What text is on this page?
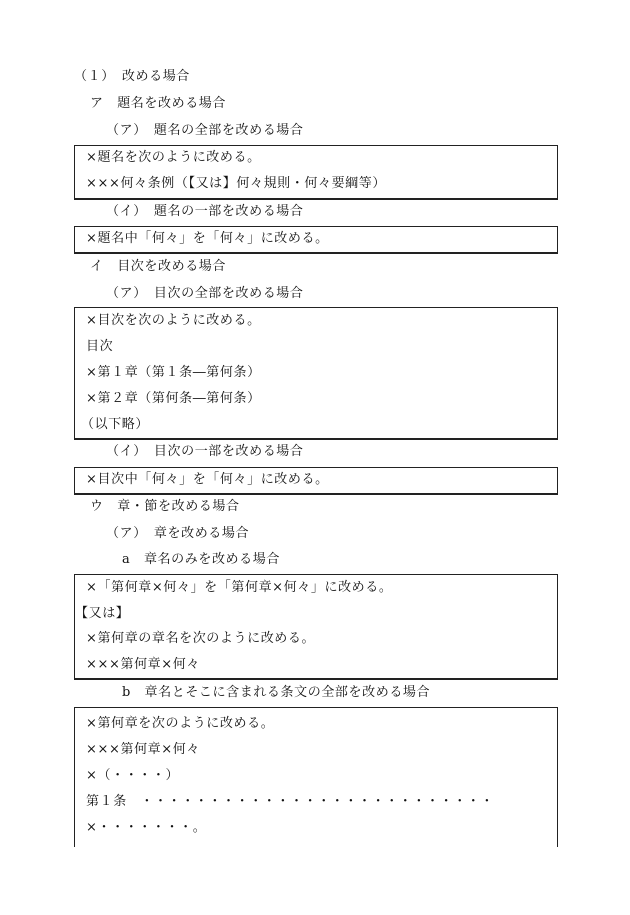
（１）　改める場合
ア　題名を改める場合
（ア）　題名の全部を改める場合
×題名を次のように改める。
×××何々条例（【又は】何々規則・何々要綱等）
（イ）　題名の一部を改める場合
×題名中「何々」を「何々」に改める。
イ　目次を改める場合
（ア）　目次の全部を改める場合
×目次を次のように改める。
目次
×第１章（第１条―第何条）
×第２章（第何条―第何条）
（以下略）
（イ）　目次の一部を改める場合
×目次中「何々」を「何々」に改める。
ウ　章・節を改める場合
（ア）　章を改める場合
a　章名のみを改める場合
×「第何章×何々」を「第何章×何々」に改める。
【又は】
×第何章の章名を次のように改める。
×××第何章×何々
b　章名とそこに含まれる条文の全部を改める場合
×第何章を次のように改める。
×××第何章×何々
×（・・・・）
第１条　・・・・・・・・・・・・・・・・・・・・・・・・・・
×・・・・・・・。
